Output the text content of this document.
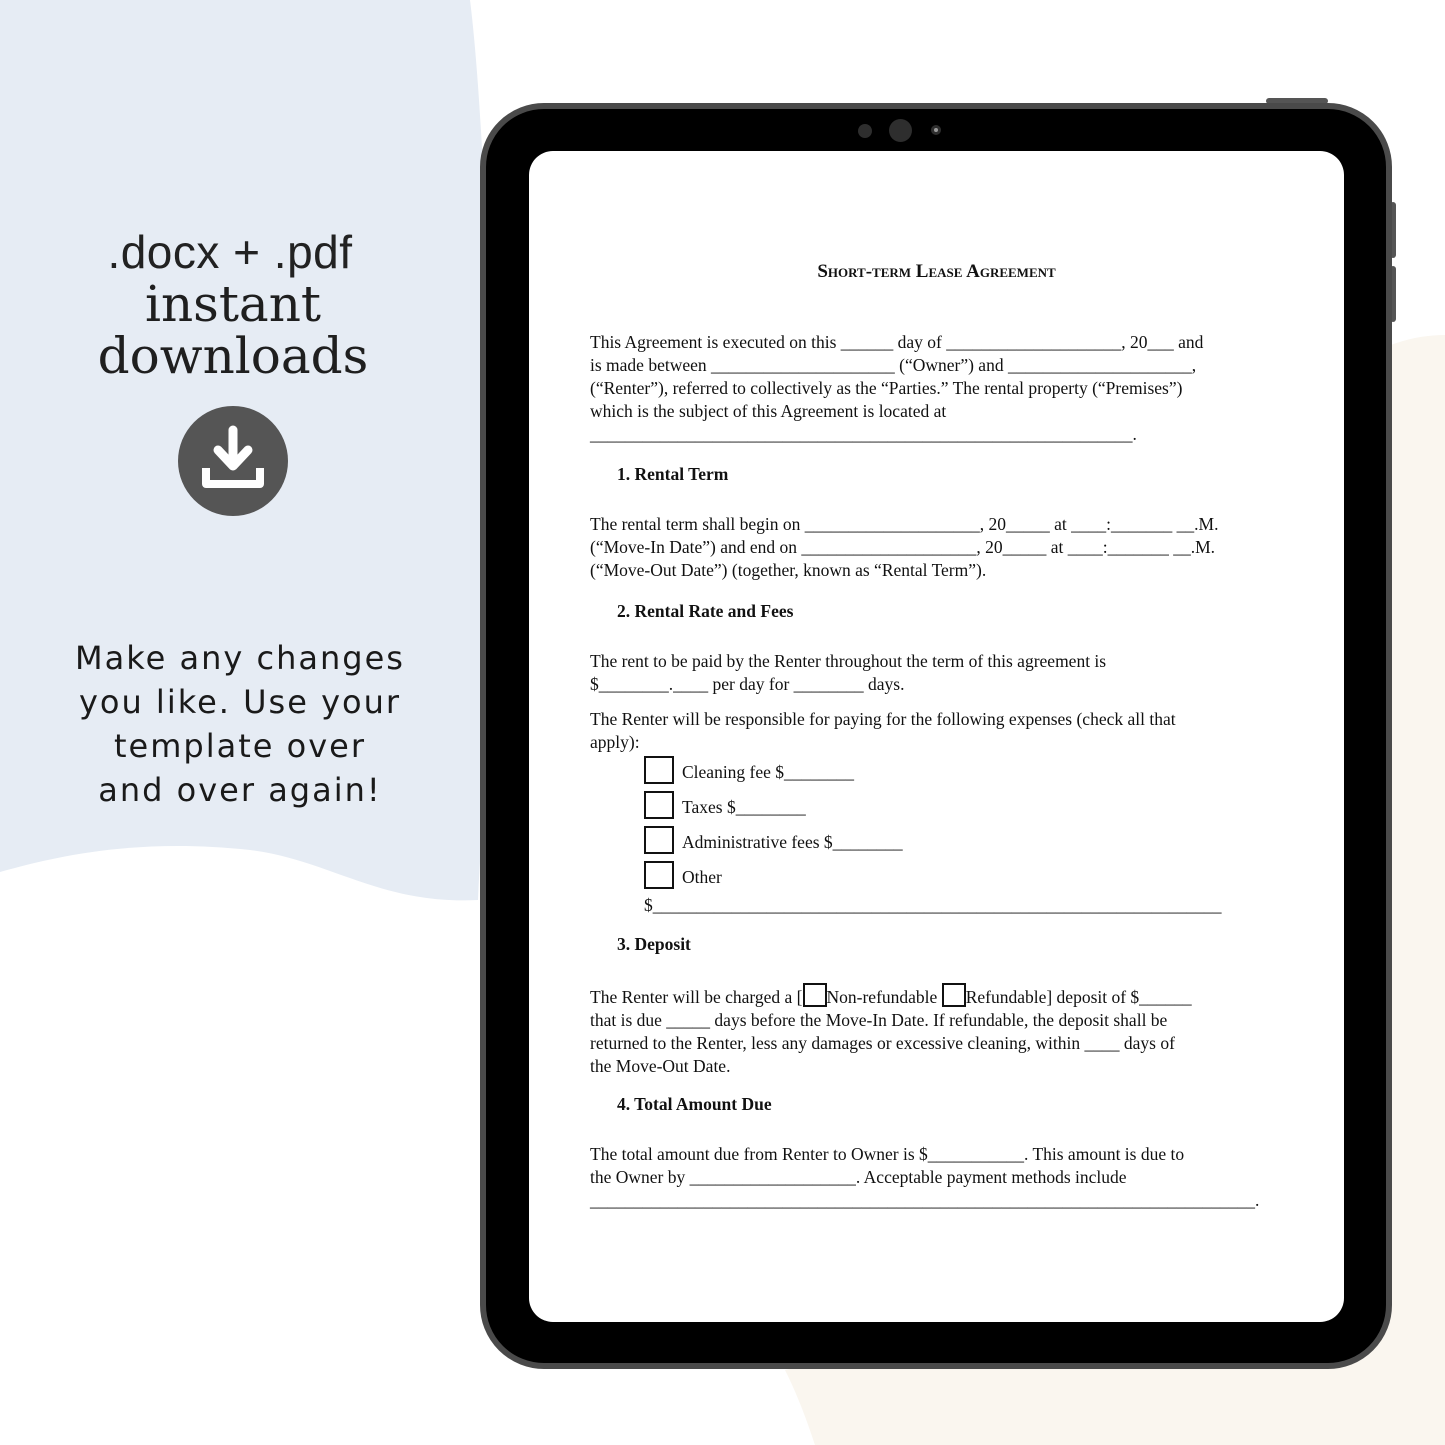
.docx + .pdf
instant
downloads
Make any changes
you like. Use your
template over
and over again!
Short-term Lease Agreement

This Agreement is executed on this ______ day of ____________________, 20___ and

is made between _____________________ (“Owner”) and _____________________,

(“Renter”), referred to collectively as the “Parties.” The rental property (“Premises”)

which is the subject of this Agreement is located at

______________________________________________________________.

1. Rental Term

The rental term shall begin on ____________________, 20_____ at ____:_______ __.M.

(“Move-In Date”) and end on ____________________, 20_____ at ____:_______ __.M.

(“Move-Out Date”) (together, known as “Rental Term”).

2. Rental Rate and Fees

The rent to be paid by the Renter throughout the term of this agreement is

$________.____ per day for ________ days.

The Renter will be responsible for paying for the following expenses (check all that

apply):

Cleaning fee $________
Taxes $________
Administrative fees $________
Other

$_________________________________________________________________

3. Deposit

The Renter will be charged a [ Non-refundable Refundable] deposit of $______

that is due _____ days before the Move-In Date. If refundable, the deposit shall be

returned to the Renter, less any damages or excessive cleaning, within ____ days of

the Move-Out Date.

4. Total Amount Due

The total amount due from Renter to Owner is $___________. This amount is due to

the Owner by ___________________. Acceptable payment methods include

____________________________________________________________________________.
